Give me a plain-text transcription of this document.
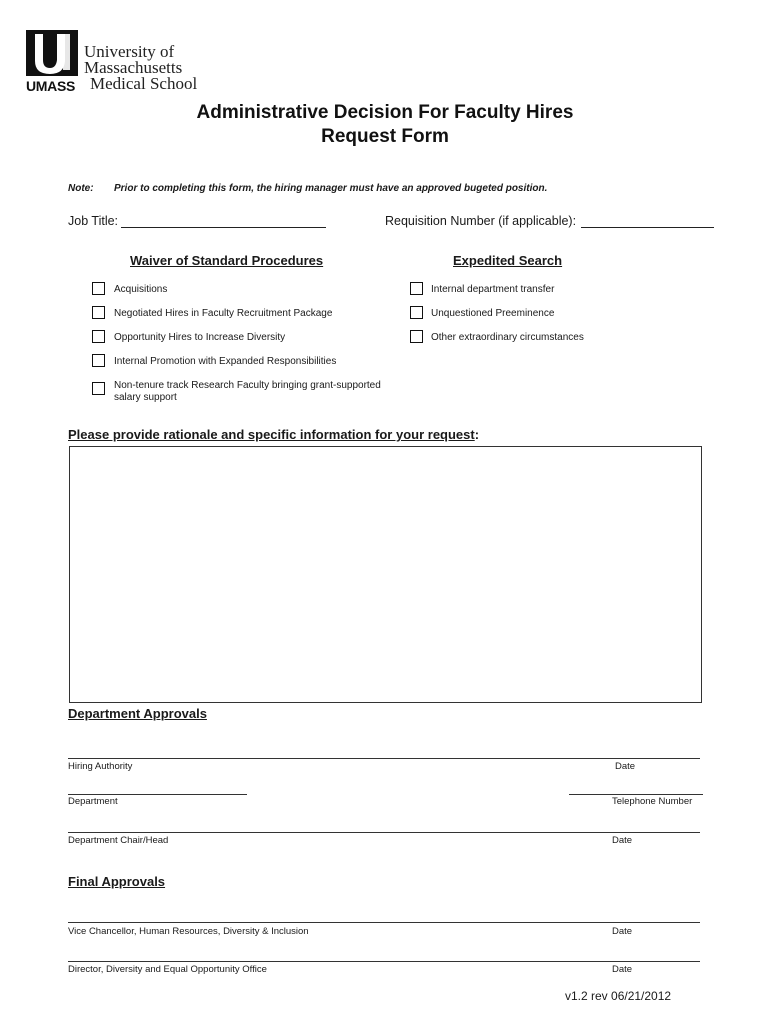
University of
Massachusetts
UMASS Medical School
Administrative Decision For Faculty Hires
Request Form
Note: Prior to completing this form, the hiring manager must have an approved bugeted position.
Job Title:	Requisition Number (if applicable):
Waiver of Standard Procedures	Expedited Search
Acquisitions
Negotiated Hires in Faculty Recruitment Package
Opportunity Hires to Increase Diversity
Internal Promotion with Expanded Responsibilities
Non-tenure track Research Faculty bringing grant-supported
salary support
Internal department transfer
Unquestioned Preeminence
Other extraordinary circumstances
Please provide rationale and specific information for your request:
Department Approvals
Hiring Authority	Date
Department	Telephone Number
Department Chair/Head	Date
Final Approvals
Vice Chancellor, Human Resources, Diversity & Inclusion	Date
Director, Diversity and Equal Opportunity Office	Date
v1.2 rev 06/21/2012
